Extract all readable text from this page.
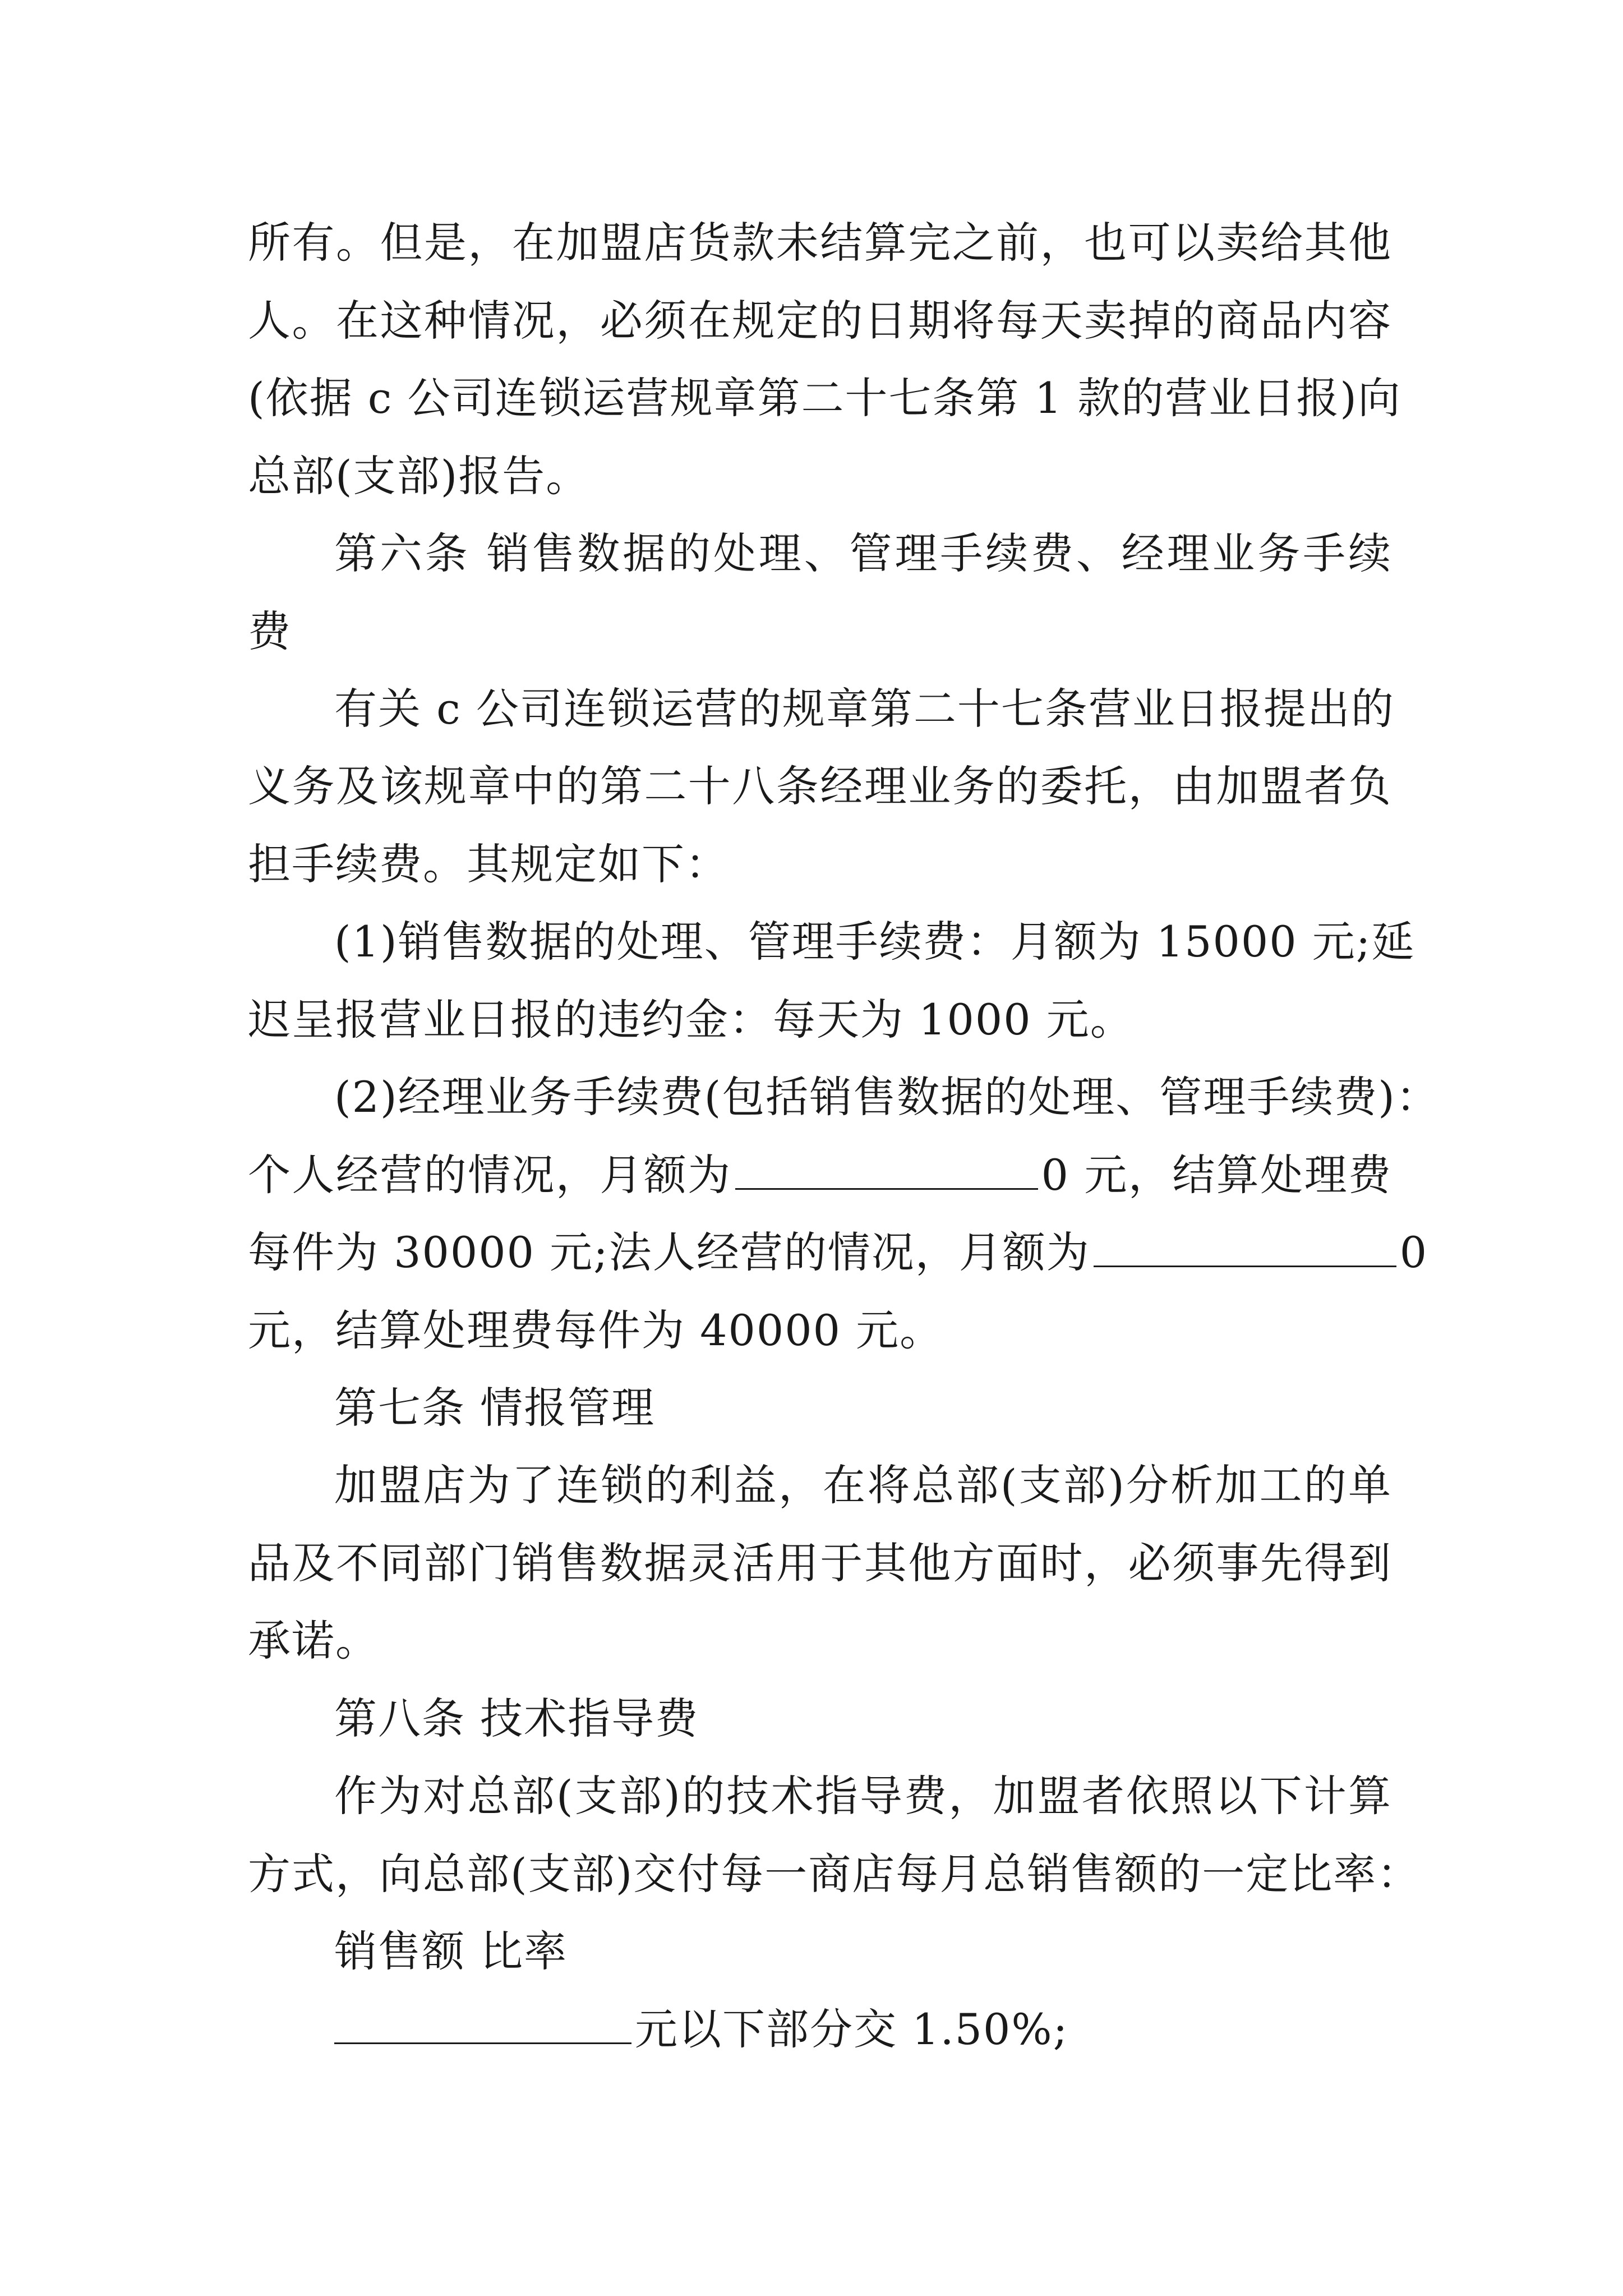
所有。但是，在加盟店货款未结算完之前，也可以卖给其他
人。在这种情况，必须在规定的日期将每天卖掉的商品内容
(依据 c 公司连锁运营规章第二十七条第 1 款的营业日报)向
总部(支部)报告。
第六条 销售数据的处理、管理手续费、经理业务手续
费
有关 c 公司连锁运营的规章第二十七条营业日报提出的
义务及该规章中的第二十八条经理业务的委托，由加盟者负
担手续费。其规定如下：
(1)销售数据的处理、管理手续费：月额为 15000 元;延
迟呈报营业日报的违约金：每天为 1000 元。
(2)经理业务手续费(包括销售数据的处理、管理手续费)：
个人经营的情况，月额为	0 元，结算处理费
每件为 30000 元;法人经营的情况，月额为	0
元，结算处理费每件为 40000 元。
第七条 情报管理
加盟店为了连锁的利益，在将总部(支部)分析加工的单
品及不同部门销售数据灵活用于其他方面时，必须事先得到
承诺。
第八条 技术指导费
作为对总部(支部)的技术指导费，加盟者依照以下计算
方式，向总部(支部)交付每一商店每月总销售额的一定比率：
销售额 比率
元以下部分交 1.50%;
